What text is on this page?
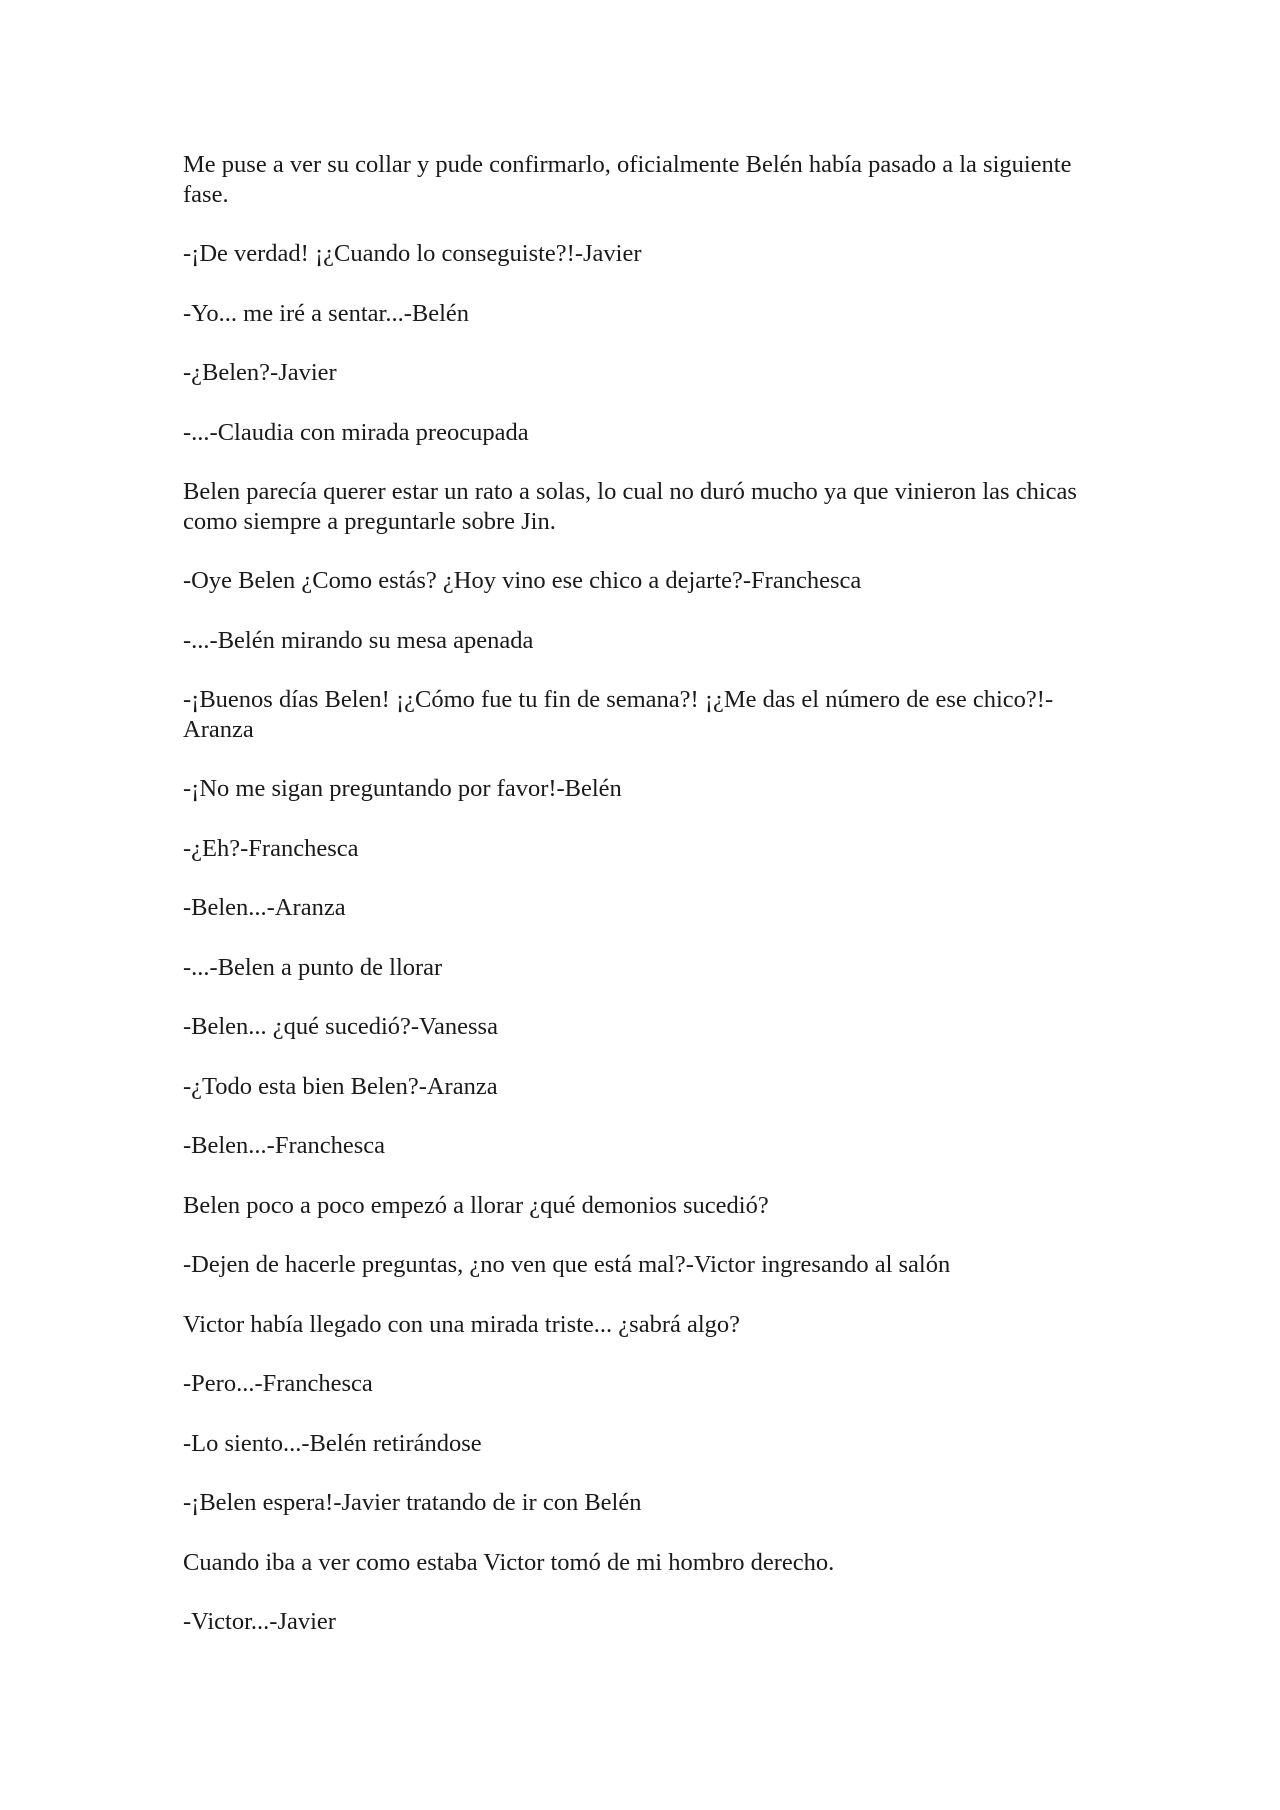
Me puse a ver su collar y pude confirmarlo, oficialmente Belén había pasado a la siguiente fase.

-¡De verdad! ¡¿Cuando lo conseguiste?!-Javier

-Yo... me iré a sentar...-Belén

-¿Belen?-Javier

-...-Claudia con mirada preocupada

Belen parecía querer estar un rato a solas, lo cual no duró mucho ya que vinieron las chicas como siempre a preguntarle sobre Jin.

-Oye Belen ¿Como estás? ¿Hoy vino ese chico a dejarte?-Franchesca

-...-Belén mirando su mesa apenada

-¡Buenos días Belen! ¡¿Cómo fue tu fin de semana?! ¡¿Me das el número de ese chico?!-Aranza

-¡No me sigan preguntando por favor!-Belén

-¿Eh?-Franchesca

-Belen...-Aranza

-...-Belen a punto de llorar

-Belen... ¿qué sucedió?-Vanessa

-¿Todo esta bien Belen?-Aranza

-Belen...-Franchesca

Belen poco a poco empezó a llorar ¿qué demonios sucedió?

-Dejen de hacerle preguntas, ¿no ven que está mal?-Victor ingresando al salón

Victor había llegado con una mirada triste... ¿sabrá algo?

-Pero...-Franchesca

-Lo siento...-Belén retirándose

-¡Belen espera!-Javier tratando de ir con Belén

Cuando iba a ver como estaba Victor tomó de mi hombro derecho.

-Victor...-Javier
